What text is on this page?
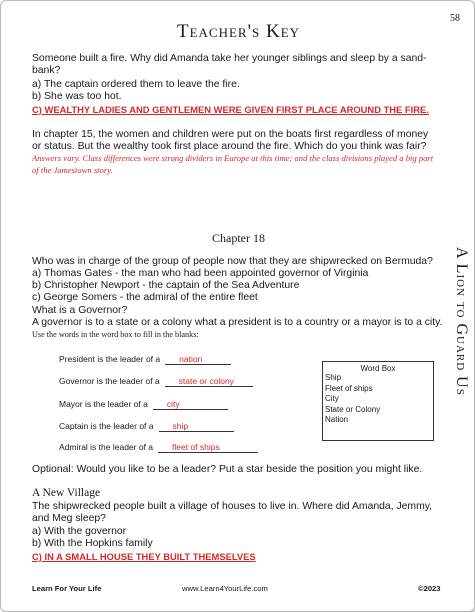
58
Teacher's Key
A Lion to Guard Us
Someone built a fire. Why did Amanda take her younger siblings and sleep by a sand-
bank?
a) The captain ordered them to leave the fire.
b) She was too hot.
C) WEALTHY LADIES AND GENTLEMEN WERE GIVEN FIRST PLACE AROUND THE FIRE.
In chapter 15, the women and children were put on the boats first regardless of money
or status. But the wealthy took first place around the fire. Which do you think was fair?
Answers vary. Class differences were strong dividers in Europe at this time; and the class divisions played a big part
of the Jamestown story.
Chapter 18
Who was in charge of the group of people now that they are shipwrecked on Bermuda?
a) Thomas Gates - the man who had been appointed governor of Virginia
b) Christopher Newport - the captain of the Sea Adventure
c) George Somers - the admiral of the entire fleet
What is a Governor?
A governor is to a state or a colony what a president is to a country or a mayor is to a city.
Use the words in the word box to fill in the blanks:
President is the leader of a nation
Governor is the leader of a state or colony
Mayor is the leader of a city
Captain is the leader of a ship
Admiral is the leader of a fleet of ships
Word Box
Ship
Fleet of ships
City
State or Colony
Nation
Optional: Would you like to be a leader? Put a star beside the position you might like.
A New Village
The shipwrecked people built a village of houses to live in. Where did Amanda, Jemmy,
and Meg sleep?
a) With the governor
b) With the Hopkins family
C) IN A SMALL HOUSE THEY BUILT THEMSELVES
Learn For Your Life	www.Learn4YourLife.com	©2023
